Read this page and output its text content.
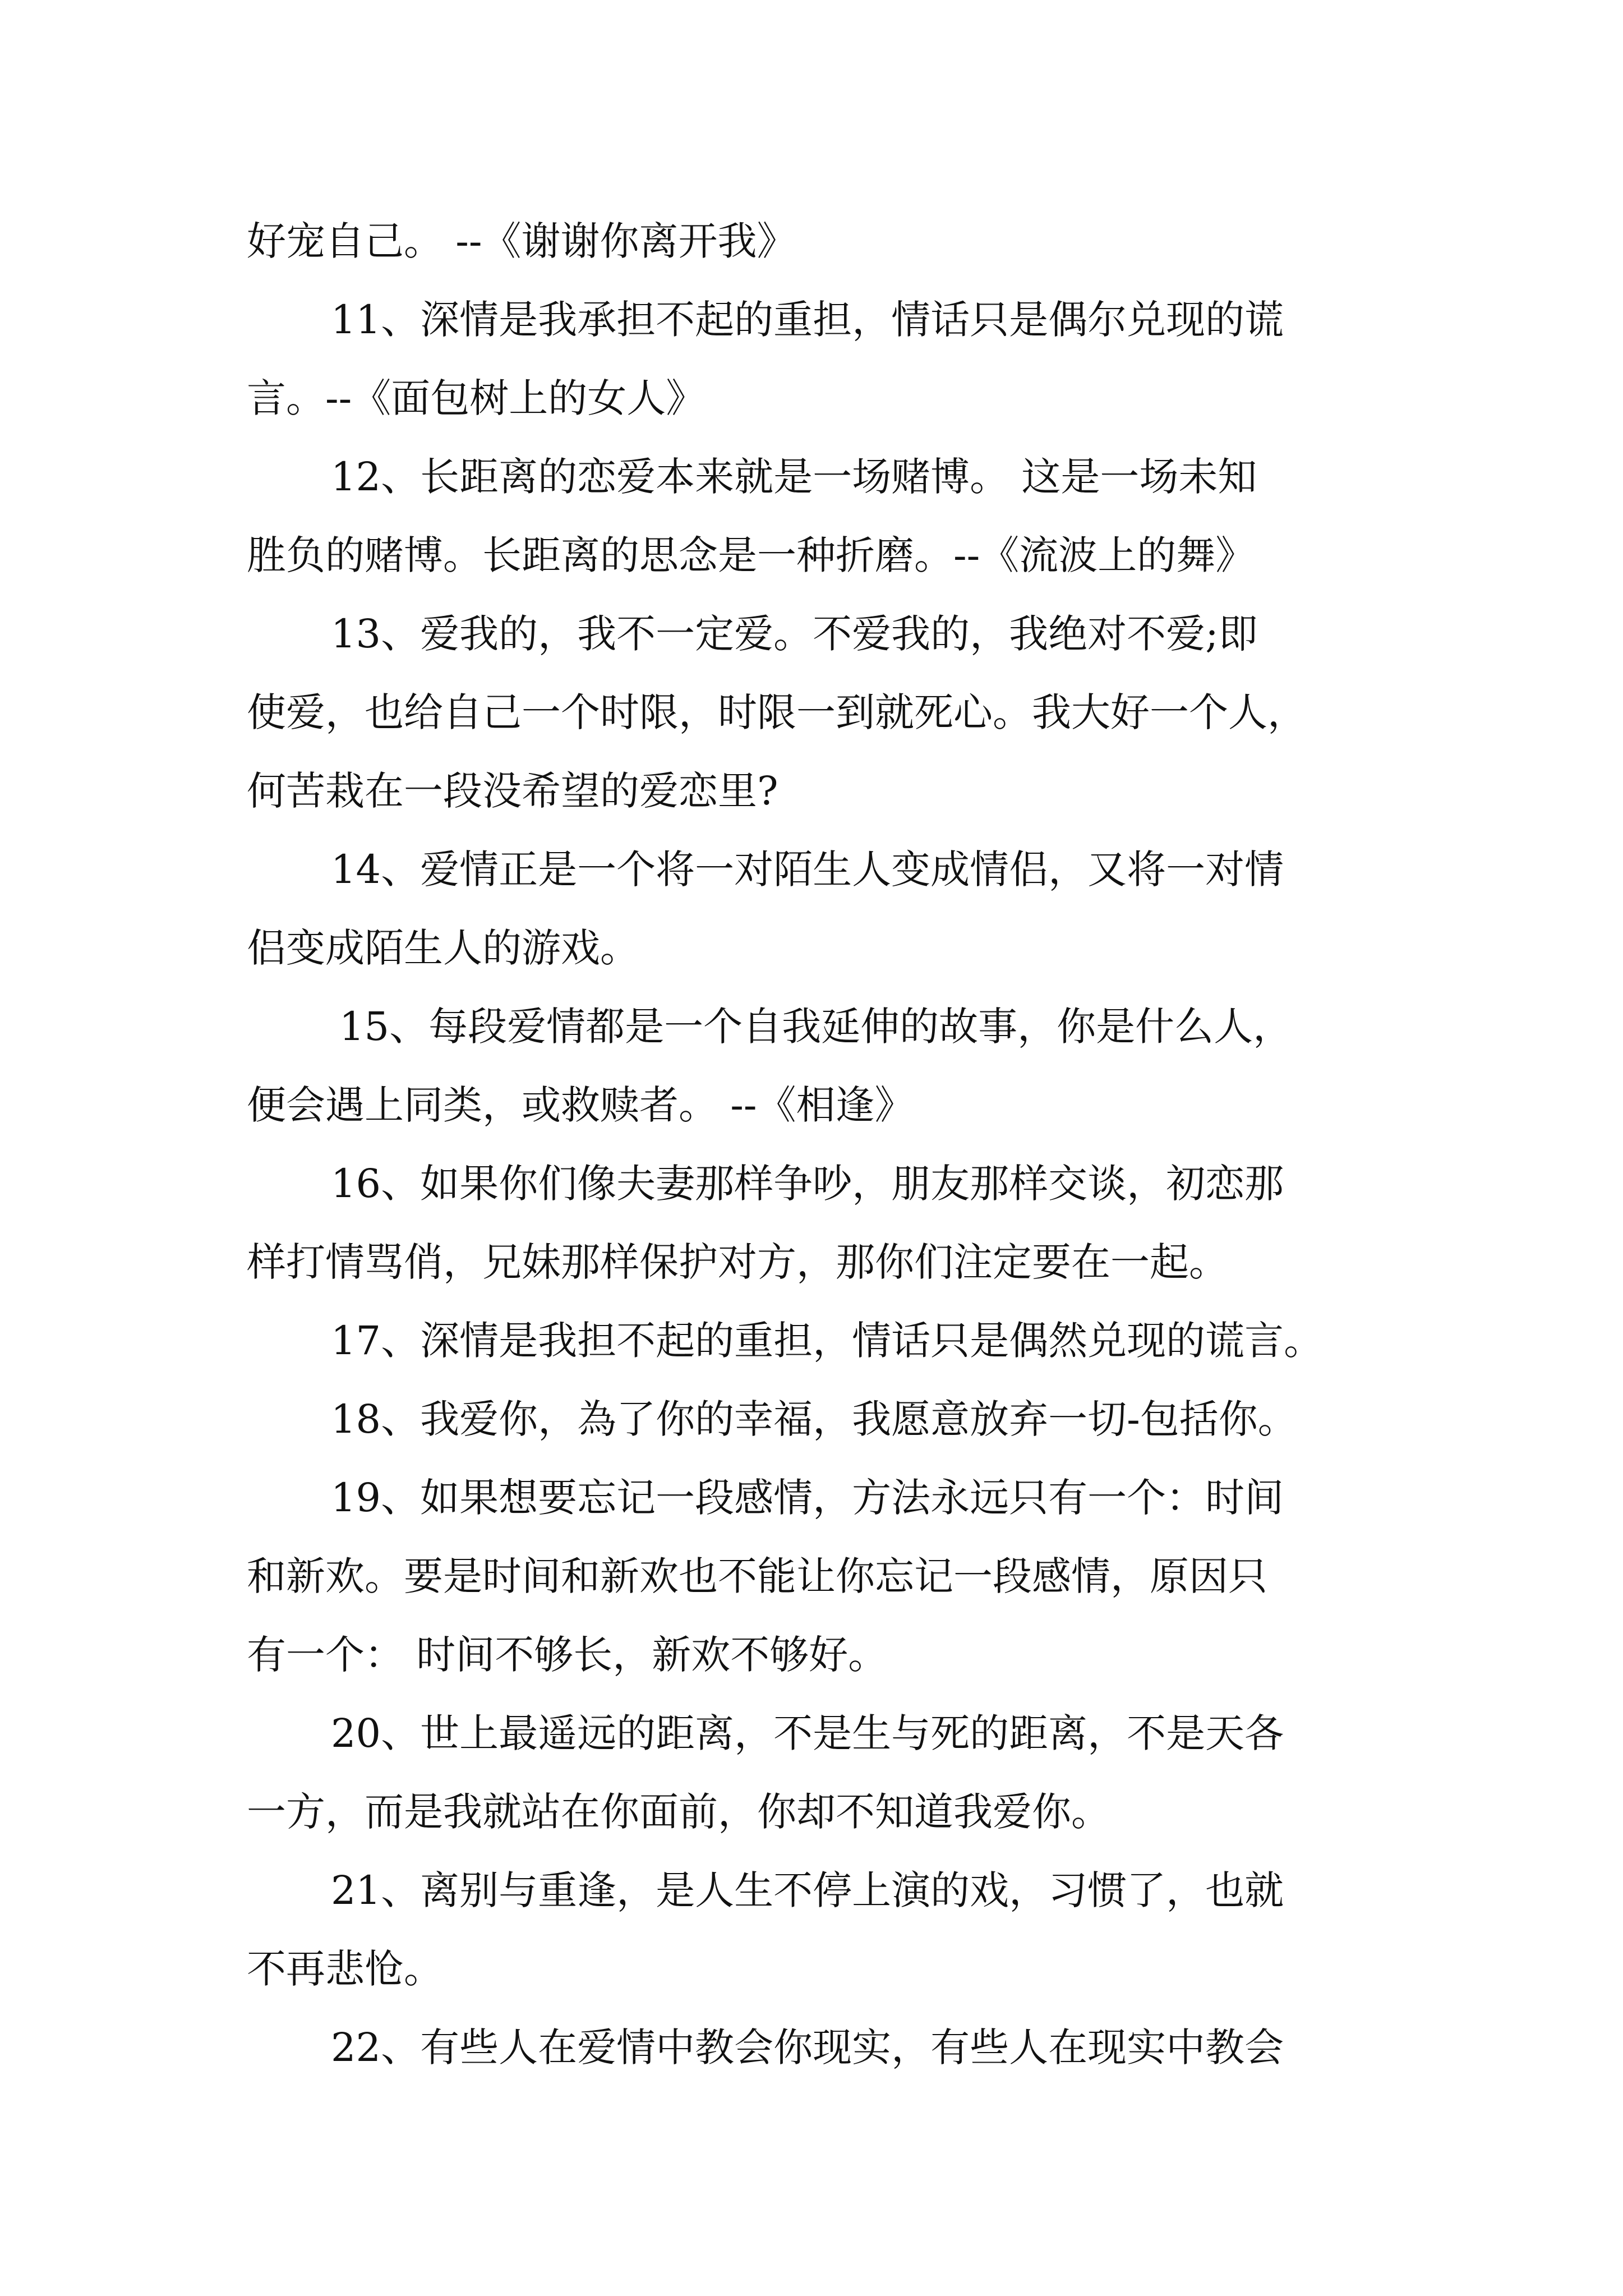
好宠自己。 --《谢谢你离开我》
11、深情是我承担不起的重担，情话只是偶尔兑现的谎
言。--《面包树上的女人》
12、长距离的恋爱本来就是一场赌博。 这是一场未知
胜负的赌博。长距离的思念是一种折磨。--《流波上的舞》
13、爱我的，我不一定爱。不爱我的，我绝对不爱;即
使爱，也给自己一个时限，时限一到就死心。我大好一个人，
何苦栽在一段没希望的爱恋里?
14、爱情正是一个将一对陌生人变成情侣，又将一对情
侣变成陌生人的游戏。
15、每段爱情都是一个自我延伸的故事，你是什么人，
便会遇上同类，或救赎者。 --《相逢》
16、如果你们像夫妻那样争吵，朋友那样交谈，初恋那
样打情骂俏，兄妹那样保护对方，那你们注定要在一起。
17、深情是我担不起的重担，情话只是偶然兑现的谎言。
18、我爱你，為了你的幸福，我愿意放弃一切-包括你。
19、如果想要忘记一段感情，方法永远只有一个：时间
和新欢。要是时间和新欢也不能让你忘记一段感情，原因只
有一个： 时间不够长，新欢不够好。
20、世上最遥远的距离，不是生与死的距离，不是天各
一方，而是我就站在你面前，你却不知道我爱你。
21、离别与重逢，是人生不停上演的戏，习惯了，也就
不再悲怆。
22、有些人在爱情中教会你现实，有些人在现实中教会
